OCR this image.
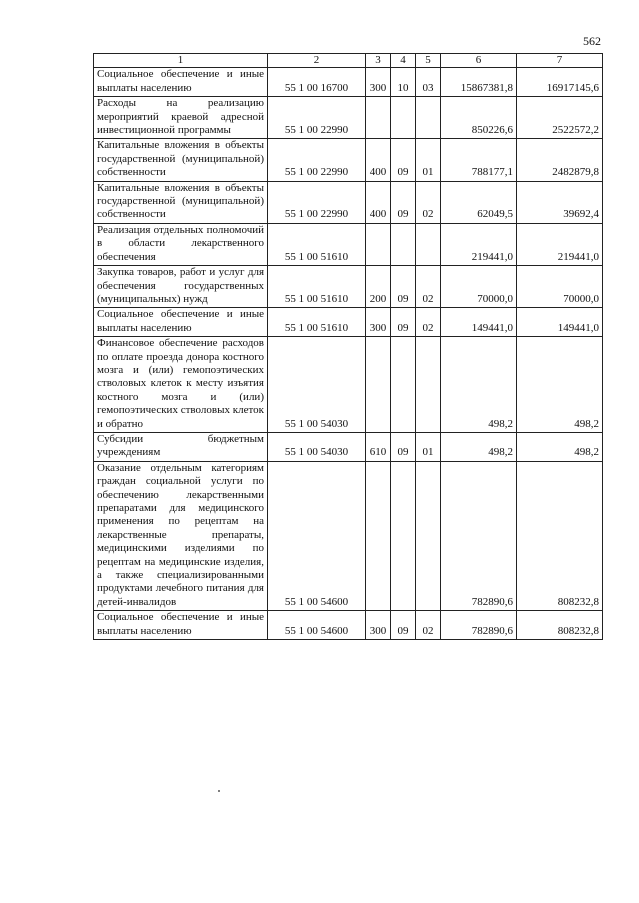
562
1	2	3	4	5	6	7
Социальное обеспечение и иные выплаты населению	55 1 00 16700	300	10	03	15867381,8	16917145,6
Расходы на реализацию мероприятий краевой адресной инвестиционной программы	55 1 00 22990				850226,6	2522572,2
Капитальные вложения в объекты государственной (муниципальной) собственности	55 1 00 22990	400	09	01	788177,1	2482879,8
Капитальные вложения в объекты государственной (муниципальной) собственности	55 1 00 22990	400	09	02	62049,5	39692,4
Реализация отдельных полномочий в области лекарственного обеспечения	55 1 00 51610				219441,0	219441,0
Закупка товаров, работ и услуг для обеспечения государственных (муниципальных) нужд	55 1 00 51610	200	09	02	70000,0	70000,0
Социальное обеспечение и иные выплаты населению	55 1 00 51610	300	09	02	149441,0	149441,0
Финансовое обеспечение расходов по оплате проезда донора костного мозга и (или) гемопоэтических стволовых клеток к месту изъятия костного мозга и (или) гемопоэтических стволовых клеток и обратно	55 1 00 54030				498,2	498,2
Субсидии бюджетным учреждениям	55 1 00 54030	610	09	01	498,2	498,2
Оказание отдельным категориям граждан социальной услуги по обеспечению лекарственными препаратами для медицинского применения по рецептам на лекарственные препараты, медицинскими изделиями по рецептам на медицинские изделия, а также специализированными продуктами лечебного питания для детей-инвалидов	55 1 00 54600				782890,6	808232,8
Социальное обеспечение и иные выплаты населению	55 1 00 54600	300	09	02	782890,6	808232,8
